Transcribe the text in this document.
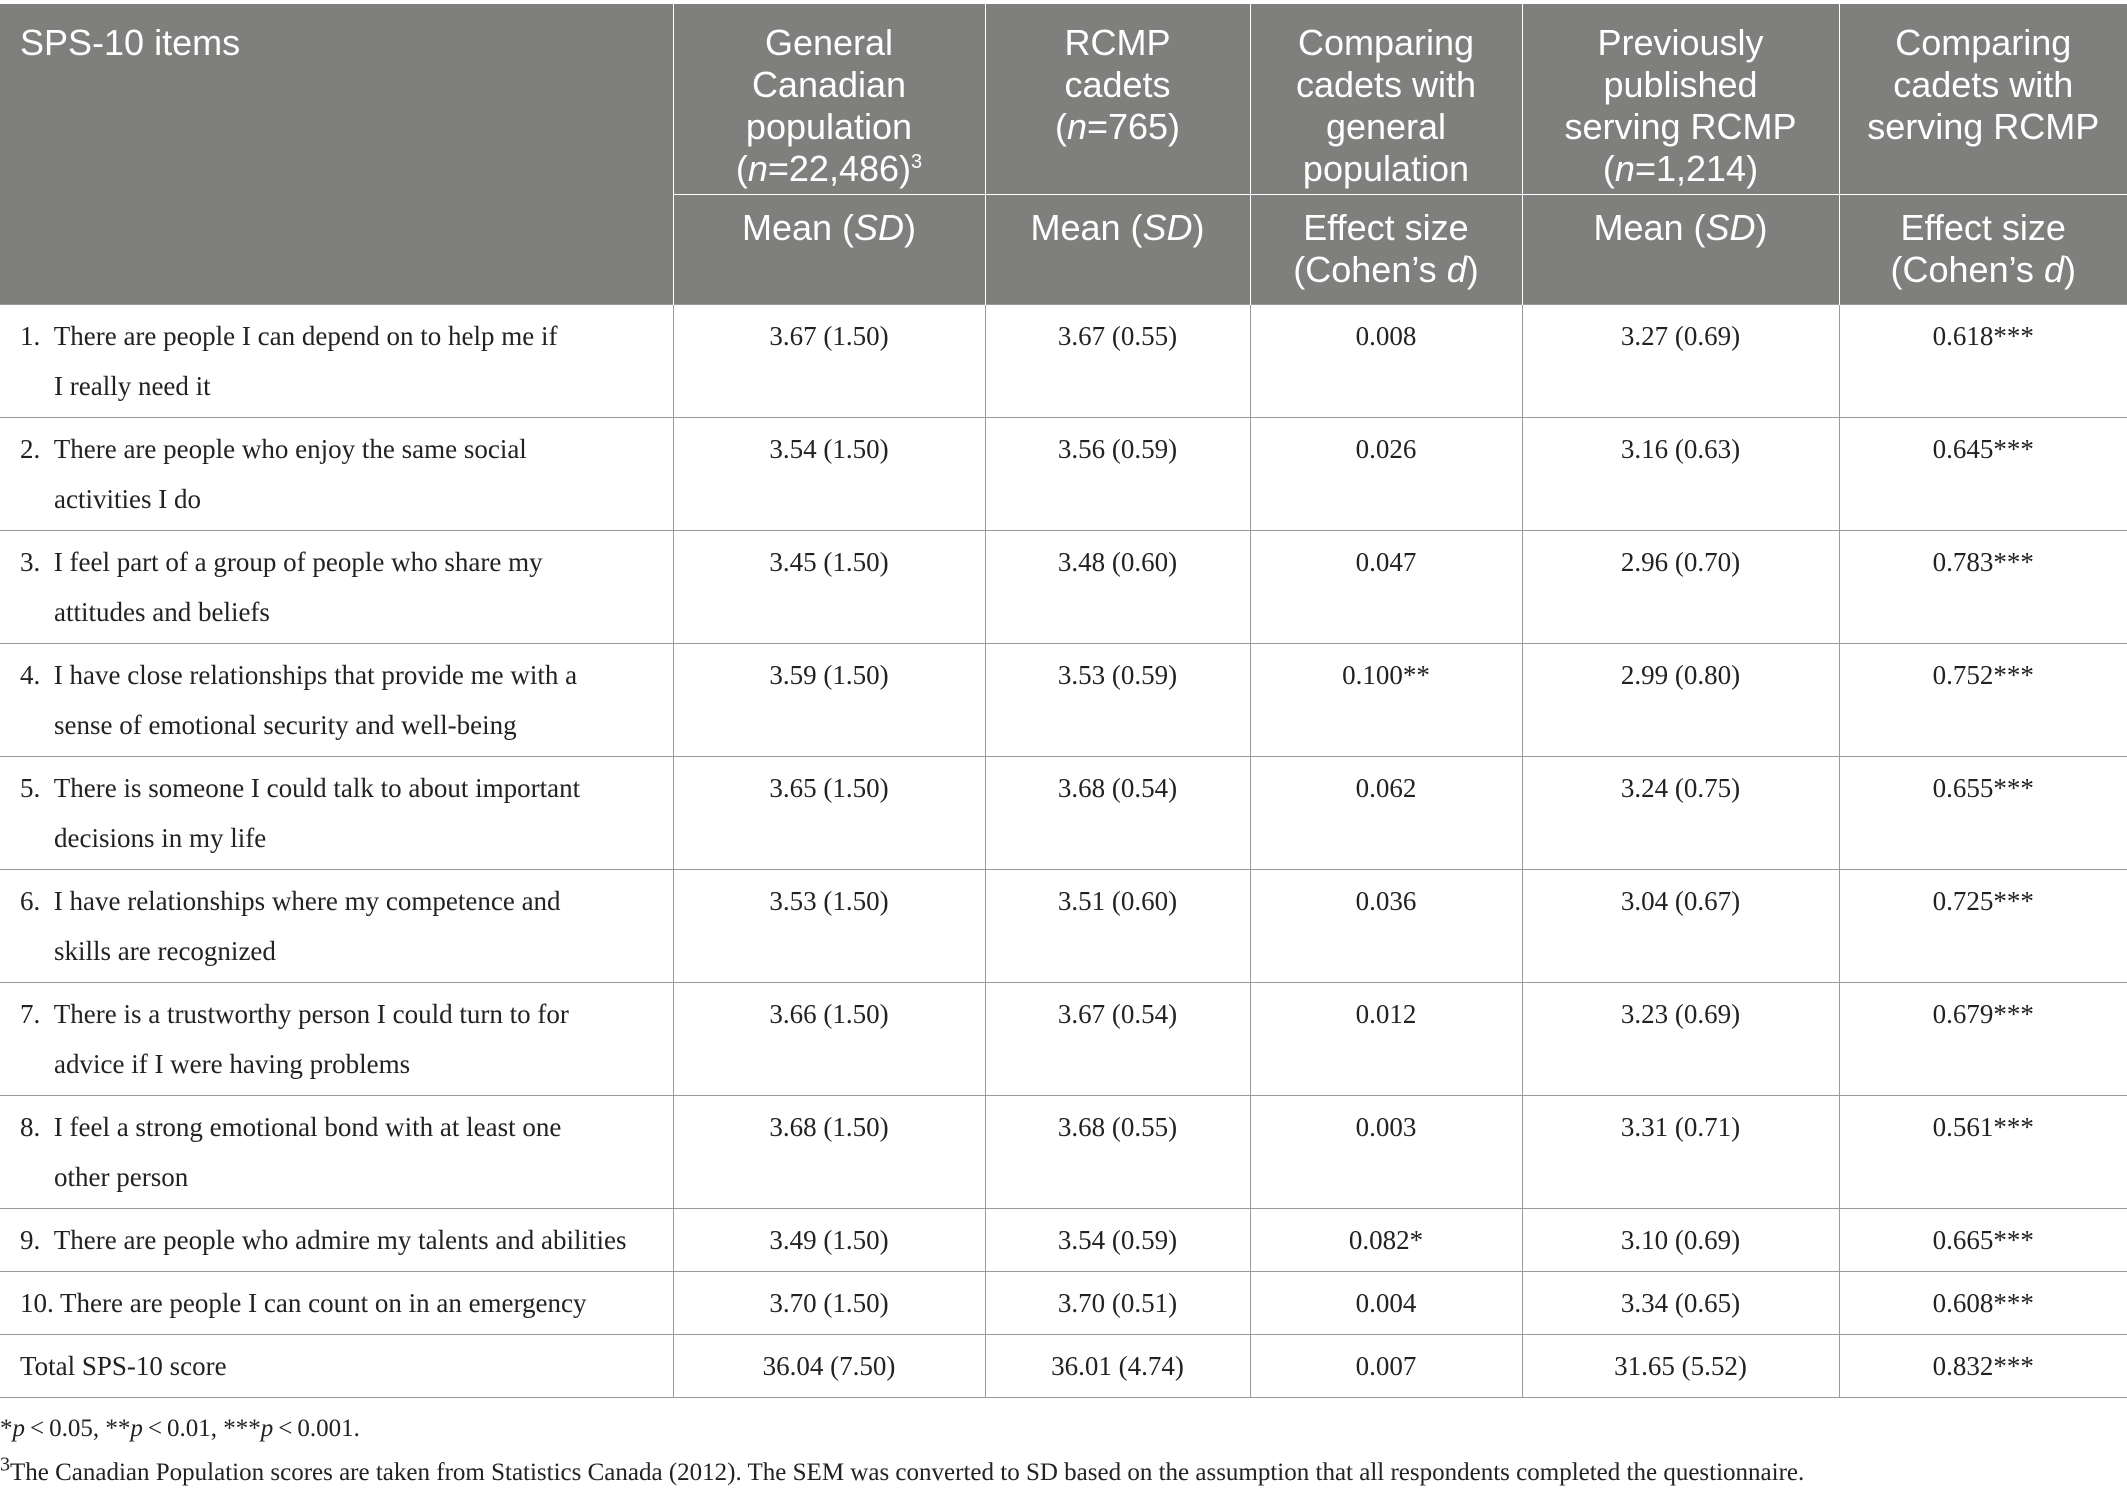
SPS-10 items	General
Canadian
population
(n=22,486)$^3$	RCMP
cadets
(n=765)	Comparing
cadets with
general
population	Previously
published
serving RCMP
(n=1,214)	Comparing
cadets with
serving RCMP
	Mean (SD)	Mean (SD)	Effect size
(Cohen’s d)	Mean (SD)	Effect size
(Cohen’s d)
1.  There are people I can depend on to help me if
I really need it	3.67 (1.50)	3.67 (0.55)	0.008	3.27 (0.69)	0.618***
2.  There are people who enjoy the same social
activities I do	3.54 (1.50)	3.56 (0.59)	0.026	3.16 (0.63)	0.645***
3.  I feel part of a group of people who share my
attitudes and beliefs	3.45 (1.50)	3.48 (0.60)	0.047	2.96 (0.70)	0.783***
4.  I have close relationships that provide me with a
sense of emotional security and well-being	3.59 (1.50)	3.53 (0.59)	0.100**	2.99 (0.80)	0.752***
5.  There is someone I could talk to about important
decisions in my life	3.65 (1.50)	3.68 (0.54)	0.062	3.24 (0.75)	0.655***
6.  I have relationships where my competence and
skills are recognized	3.53 (1.50)	3.51 (0.60)	0.036	3.04 (0.67)	0.725***
7.  There is a trustworthy person I could turn to for
advice if I were having problems	3.66 (1.50)	3.67 (0.54)	0.012	3.23 (0.69)	0.679***
8.  I feel a strong emotional bond with at least one
other person	3.68 (1.50)	3.68 (0.55)	0.003	3.31 (0.71)	0.561***
9.  There are people who admire my talents and abilities	3.49 (1.50)	3.54 (0.59)	0.082*	3.10 (0.69)	0.665***
10. There are people I can count on in an emergency	3.70 (1.50)	3.70 (0.51)	0.004	3.34 (0.65)	0.608***
Total SPS-10 score	36.04 (7.50)	36.01 (4.74)	0.007	31.65 (5.52)	0.832***

*p < 0.05, **p < 0.01, ***p < 0.001.

$^3$The Canadian Population scores are taken from Statistics Canada (2012). The SEM was converted to SD based on the assumption that all respondents completed the questionnaire.
